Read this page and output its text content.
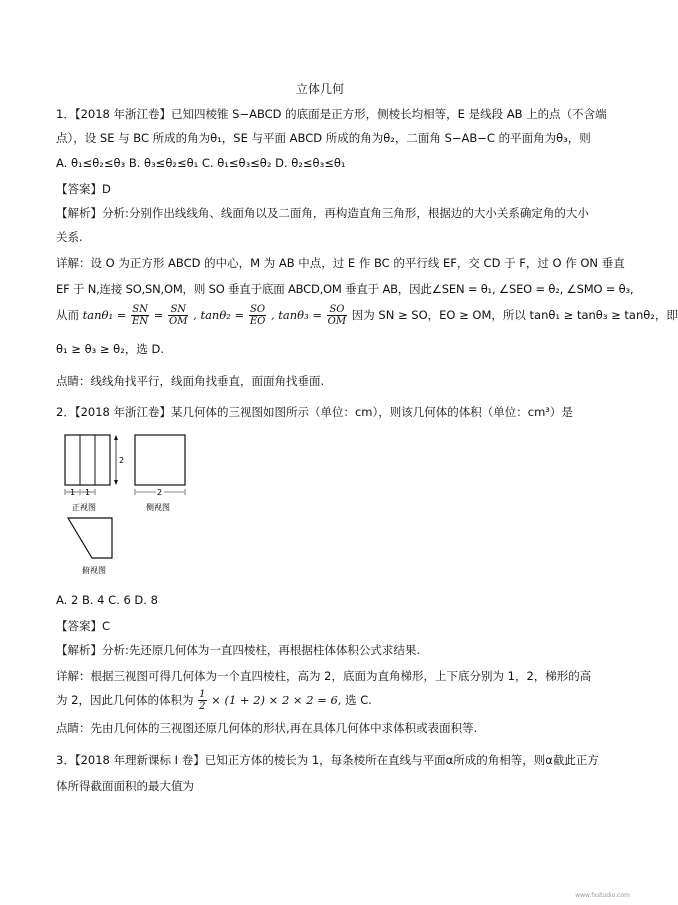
立体几何
1．【2018 年浙江卷】已知四棱锥 S−ABCD 的底面是正方形，侧棱长均相等，E 是线段 AB 上的点（不含端
点），设 SE 与 BC 所成的角为θ₁，SE 与平面 ABCD 所成的角为θ₂，二面角 S−AB−C 的平面角为θ₃，则
A. θ₁≤θ₂≤θ₃ B. θ₃≤θ₂≤θ₁ C. θ₁≤θ₃≤θ₂ D. θ₂≤θ₃≤θ₁
【答案】D
【解析】分析:分别作出线线角、线面角以及二面角，再构造直角三角形，根据边的大小关系确定角的大小
关系.
详解：设 O 为正方形 ABCD 的中心，M 为 AB 中点，过 E 作 BC 的平行线 EF，交 CD 于 F，过 O 作 ON 垂直
EF 于 N,连接 SO,SN,OM，则 SO 垂直于底面 ABCD,OM 垂直于 AB，因此∠SEN = θ₁, ∠SEO = θ₂, ∠SMO = θ₃,
从而 $\tan\theta_1 = \frac{SN}{EN} = \frac{SN}{OM}$ , $\tan\theta_2 = \frac{SO}{EO}$ , $\tan\theta_3 = \frac{SO}{OM}$ 因为 SN ≥ SO，EO ≥ OM，所以 tanθ₁ ≥ tanθ₃ ≥ tanθ₂，即
θ₁ ≥ θ₃ ≥ θ₂，选 D.
点睛：线线角找平行，线面角找垂直，面面角找垂面.
2．【2018 年浙江卷】某几何体的三视图如图所示（单位：cm），则该几何体的体积（单位：cm³）是
2
1 1
正视图
2
侧视图
俯视图
A. 2 B. 4 C. 6 D. 8
【答案】C
【解析】分析:先还原几何体为一直四棱柱，再根据柱体体积公式求结果.
详解：根据三视图可得几何体为一个直四棱柱，高为 2，底面为直角梯形，上下底分别为 1，2，梯形的高
为 2，因此几何体的体积为 $\frac{1}{2} \times (1 + 2) \times 2 \times 2 = 6$, 选 C.
点睛：先由几何体的三视图还原几何体的形状,再在具体几何体中求体积或表面积等.
3．【2018 年理新课标 I 卷】已知正方体的棱长为 1，每条棱所在直线与平面α所成的角相等，则α截此正方
体所得截面面积的最大值为
www.fxstudio.com
